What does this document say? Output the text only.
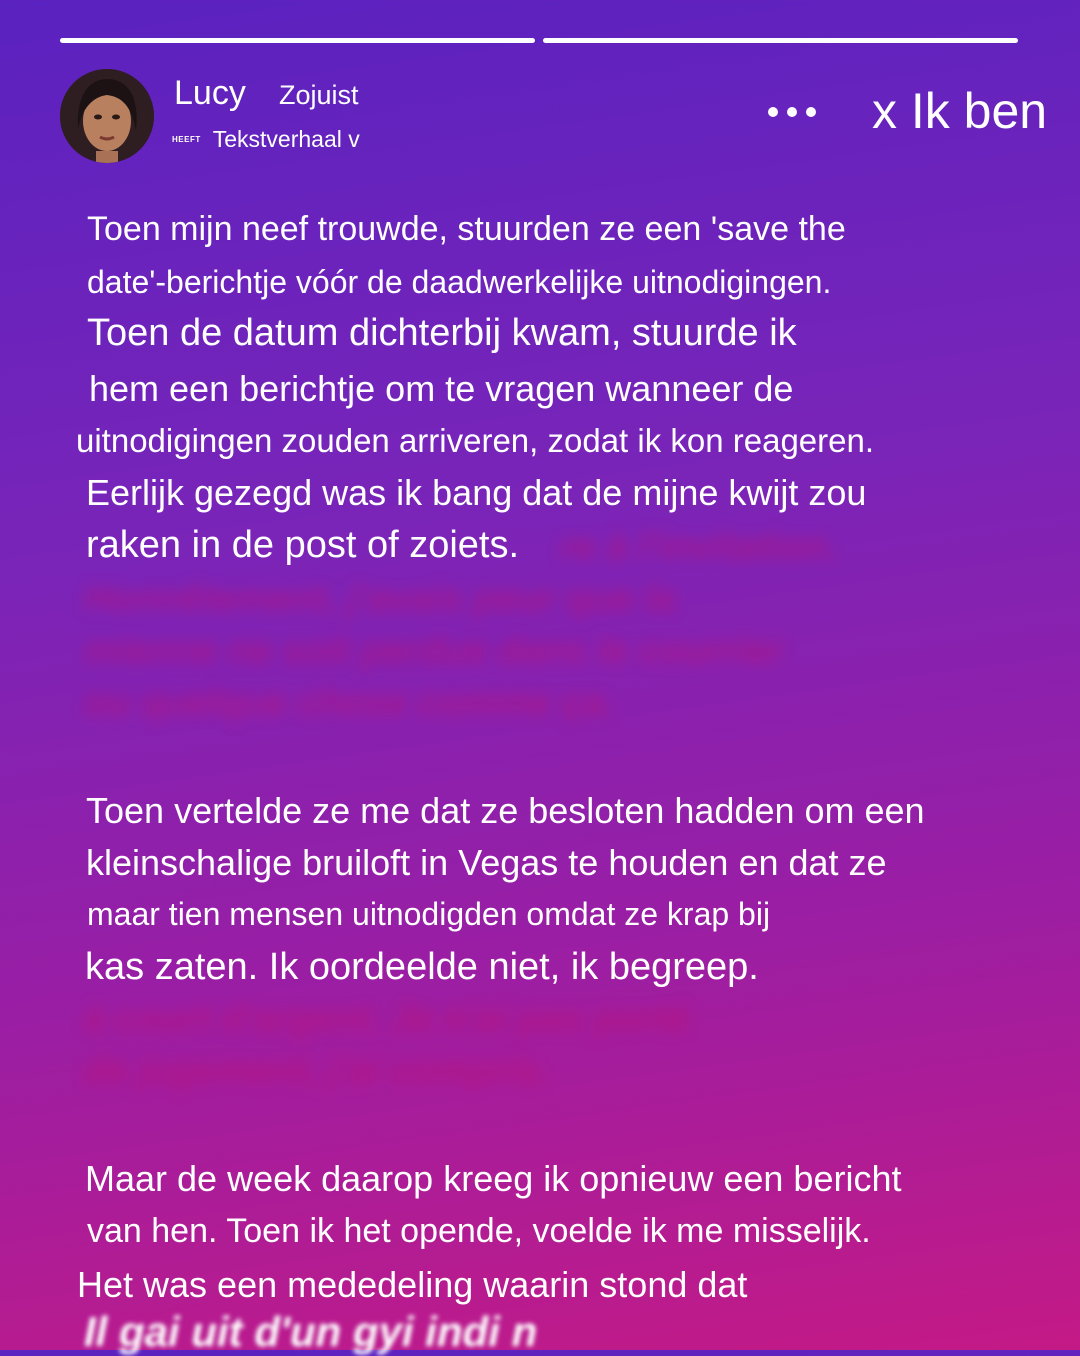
Lucy Zojuist
HEEFT Tekstverhaal v	x Ik ben
re à l'invitation.
Honnêtement, j'avais peur que la
mienne ne soit perdue dans le courrier
ou quelque chose comme ça.
à court d'argent. Je n'ai pas porté
de jugement, j'ai compris.
Toen mijn neef trouwde, stuurden ze een 'save the
date'-berichtje vóór de daadwerkelijke uitnodigingen.
Toen de datum dichterbij kwam, stuurde ik
hem een berichtje om te vragen wanneer de
uitnodigingen zouden arriveren, zodat ik kon reageren.
Eerlijk gezegd was ik bang dat de mijne kwijt zou
raken in de post of zoiets.
Toen vertelde ze me dat ze besloten hadden om een
kleinschalige bruiloft in Vegas te houden en dat ze
maar tien mensen uitnodigden omdat ze krap bij
kas zaten. Ik oordeelde niet, ik begreep.
Maar de week daarop kreeg ik opnieuw een bericht
van hen. Toen ik het opende, voelde ik me misselijk.
Het was een mededeling waarin stond dat
Il gai uit d'un gyi indi n
